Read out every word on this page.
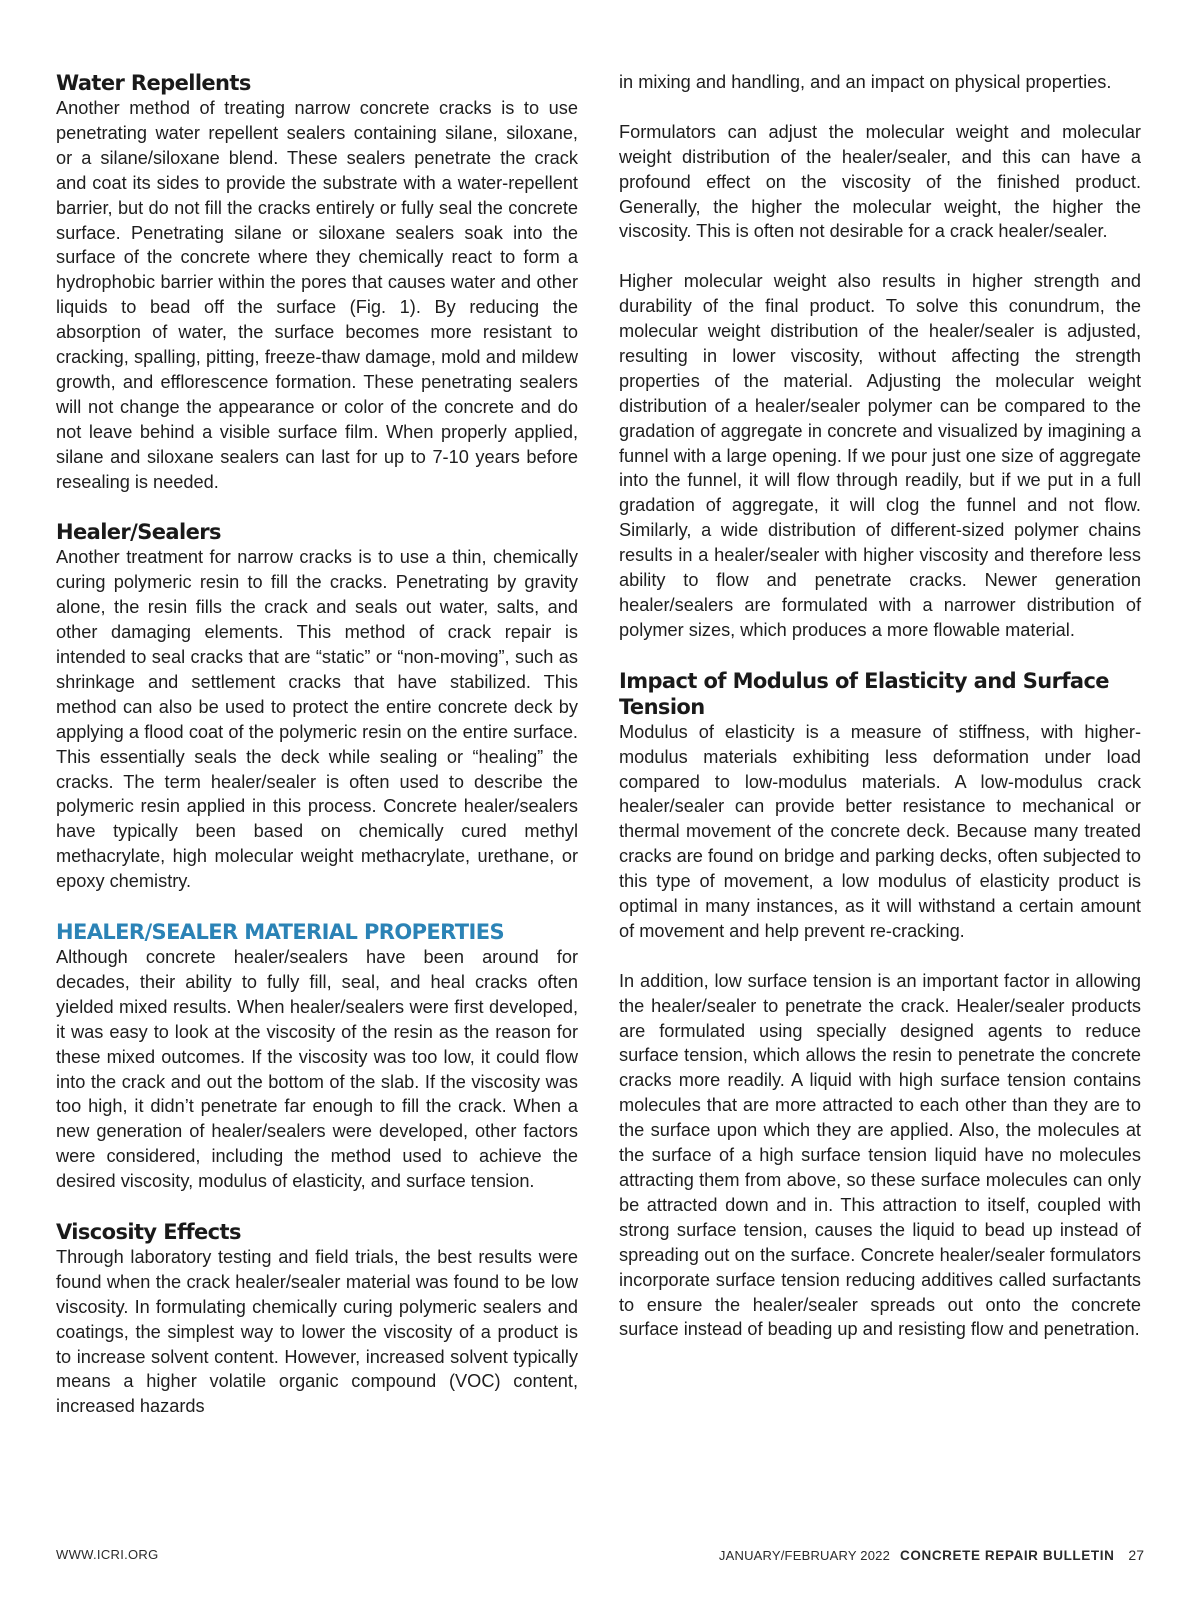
Water Repellents

Another method of treating narrow concrete cracks is to use penetrating water repellent sealers containing silane, siloxane, or a silane/siloxane blend. These sealers penetrate the crack and coat its sides to provide the substrate with a water-repellent barrier, but do not fill the cracks entirely or fully seal the concrete surface. Penetrating silane or siloxane sealers soak into the surface of the concrete where they chemically react to form a hydrophobic barrier within the pores that causes water and other liquids to bead off the surface (Fig. 1). By reducing the absorption of water, the surface becomes more resistant to cracking, spalling, pitting, freeze-thaw damage, mold and mildew growth, and efflorescence formation. These penetrating sealers will not change the appearance or color of the concrete and do not leave behind a visible surface film. When properly applied, silane and siloxane sealers can last for up to 7-10 years before resealing is needed.

Healer/Sealers

Another treatment for narrow cracks is to use a thin, chemically curing polymeric resin to fill the cracks. Penetrating by gravity alone, the resin fills the crack and seals out water, salts, and other damaging elements. This method of crack repair is intended to seal cracks that are “static” or “non-moving”, such as shrinkage and settlement cracks that have stabilized. This method can also be used to protect the entire concrete deck by applying a flood coat of the polymeric resin on the entire surface. This essentially seals the deck while sealing or “healing” the cracks. The term healer/sealer is often used to describe the polymeric resin applied in this process. Concrete healer/sealers have typically been based on chemically cured methyl methacrylate, high molecular weight methacrylate, urethane, or epoxy chemistry.

HEALER/SEALER MATERIAL PROPERTIES

Although concrete healer/sealers have been around for decades, their ability to fully fill, seal, and heal cracks often yielded mixed results. When healer/sealers were first developed, it was easy to look at the viscosity of the resin as the reason for these mixed outcomes. If the viscosity was too low, it could flow into the crack and out the bottom of the slab. If the viscosity was too high, it didn’t penetrate far enough to fill the crack. When a new generation of healer/sealers were developed, other factors were considered, including the method used to achieve the desired viscosity, modulus of elasticity, and surface tension.

Viscosity Effects

Through laboratory testing and field trials, the best results were found when the crack healer/sealer material was found to be low viscosity. In formulating chemically curing polymeric sealers and coatings, the simplest way to lower the viscosity of a product is to increase solvent content. However, increased solvent typically means a higher volatile organic compound (VOC) content, increased hazards

in mixing and handling, and an impact on physical properties.

Formulators can adjust the molecular weight and molecular weight distribution of the healer/sealer, and this can have a profound effect on the viscosity of the finished product. Generally, the higher the molecular weight, the higher the viscosity. This is often not desirable for a crack healer/sealer.

Higher molecular weight also results in higher strength and durability of the final product. To solve this conundrum, the molecular weight distribution of the healer/sealer is adjusted, resulting in lower viscosity, without affecting the strength properties of the material. Adjusting the molecular weight distribution of a healer/sealer polymer can be compared to the gradation of aggregate in concrete and visualized by imagining a funnel with a large opening. If we pour just one size of aggregate into the funnel, it will flow through readily, but if we put in a full gradation of aggregate, it will clog the funnel and not flow. Similarly, a wide distribution of different-sized polymer chains results in a healer/sealer with higher viscosity and therefore less ability to flow and penetrate cracks. Newer generation healer/sealers are formulated with a narrower distribution of polymer sizes, which produces a more flowable material.

Impact of Modulus of Elasticity and Surface Tension

Modulus of elasticity is a measure of stiffness, with higher-modulus materials exhibiting less deformation under load compared to low-modulus materials. A low-modulus crack healer/sealer can provide better resistance to mechanical or thermal movement of the concrete deck. Because many treated cracks are found on bridge and parking decks, often subjected to this type of movement, a low modulus of elasticity product is optimal in many instances, as it will withstand a certain amount of movement and help prevent re-cracking.

In addition, low surface tension is an important factor in allowing the healer/sealer to penetrate the crack. Healer/sealer products are formulated using specially designed agents to reduce surface tension, which allows the resin to penetrate the concrete cracks more readily. A liquid with high surface tension contains molecules that are more attracted to each other than they are to the surface upon which they are applied. Also, the molecules at the surface of a high surface tension liquid have no molecules attracting them from above, so these surface molecules can only be attracted down and in. This attraction to itself, coupled with strong surface tension, causes the liquid to bead up instead of spreading out on the surface. Concrete healer/sealer formulators incorporate surface tension reducing additives called surfactants to ensure the healer/sealer spreads out onto the concrete surface instead of beading up and resisting flow and penetration.

WWW.ICRI.ORG	JANUARY/FEBRUARY 2022 CONCRETE REPAIR BULLETIN 27
